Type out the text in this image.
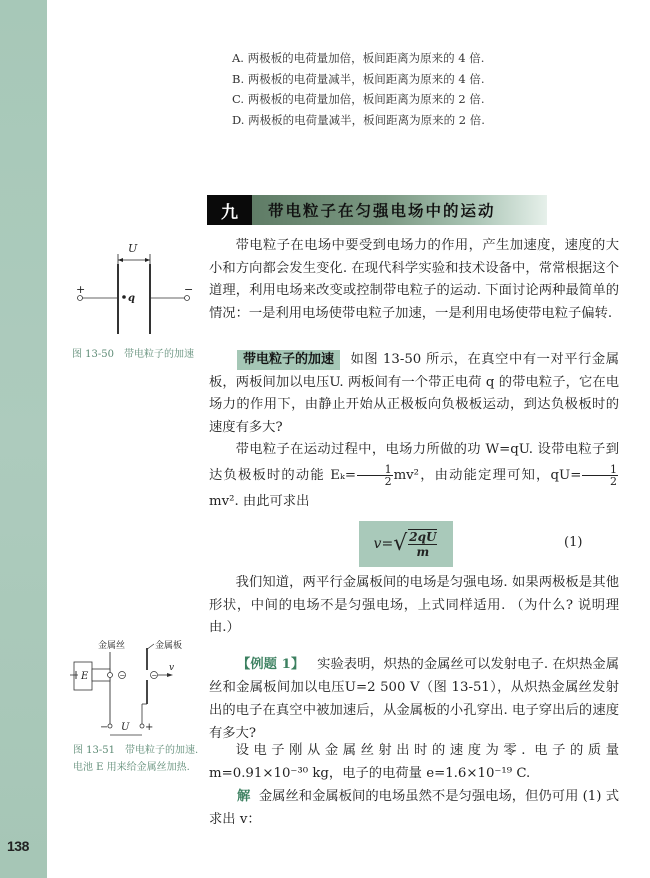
138
A. 两极板的电荷量加倍，板间距离为原来的 4 倍.
B. 两极板的电荷量减半，板间距离为原来的 4 倍.
C. 两极板的电荷量加倍，板间距离为原来的 2 倍.
D. 两极板的电荷量减半，板间距离为原来的 2 倍.
九	带电粒子在匀强电场中的运动
U
+	−
q
图 13-50　带电粒子的加速
带电粒子在电场中要受到电场力的作用，产生加速度，速度的大小和方向都会发生变化. 在现代科学实验和技术设备中，常常根据这个道理，利用电场来改变或控制带电粒子的运动. 下面讨论两种最简单的情况：一是利用电场使带电粒子加速，一是利用电场使带电粒子偏转.
带电粒子的加速 如图 13-50 所示，在真空中有一对平行金属板，两板间加以电压U. 两板间有一个带正电荷 q 的带电粒子，它在电场力的作用下，由静止开始从正极板向负极板运动，到达负极板时的速度有多大?
带电粒子在运动过程中，电场力所做的功 W=qU. 设带电粒子到达负极板时的动能 $E_k= \frac{1}{2} mv^2$，由动能定理可知，$qU= \frac{1}{2}$
mv². 由此可求出
v= √ $\frac{2qU}{m}$	(1)
我们知道，两平行金属板间的电场是匀强电场. 如果两极板是其他形状，中间的电场不是匀强电场，上式同样适用. （为什么? 说明理由.）
金属丝	金属板
E	−	−
v
−	+
U
图 13-51　带电粒子的加速.
电池 E 用来给金属丝加热.
【例题 1】 实验表明，炽热的金属丝可以发射电子. 在炽热金属丝和金属板间加以电压U=2 500 V（图 13-51），从炽热金属丝发射出的电子在真空中被加速后，从金属板的小孔穿出. 电子穿出后的速度有多大?
设电子刚从金属丝射出时的速度为零. 电子的质量 m=0.91×10⁻³⁰ kg，电子的电荷量 e=1.6×10⁻¹⁹ C.
解 金属丝和金属板间的电场虽然不是匀强电场，但仍可用 (1) 式求出 v：
